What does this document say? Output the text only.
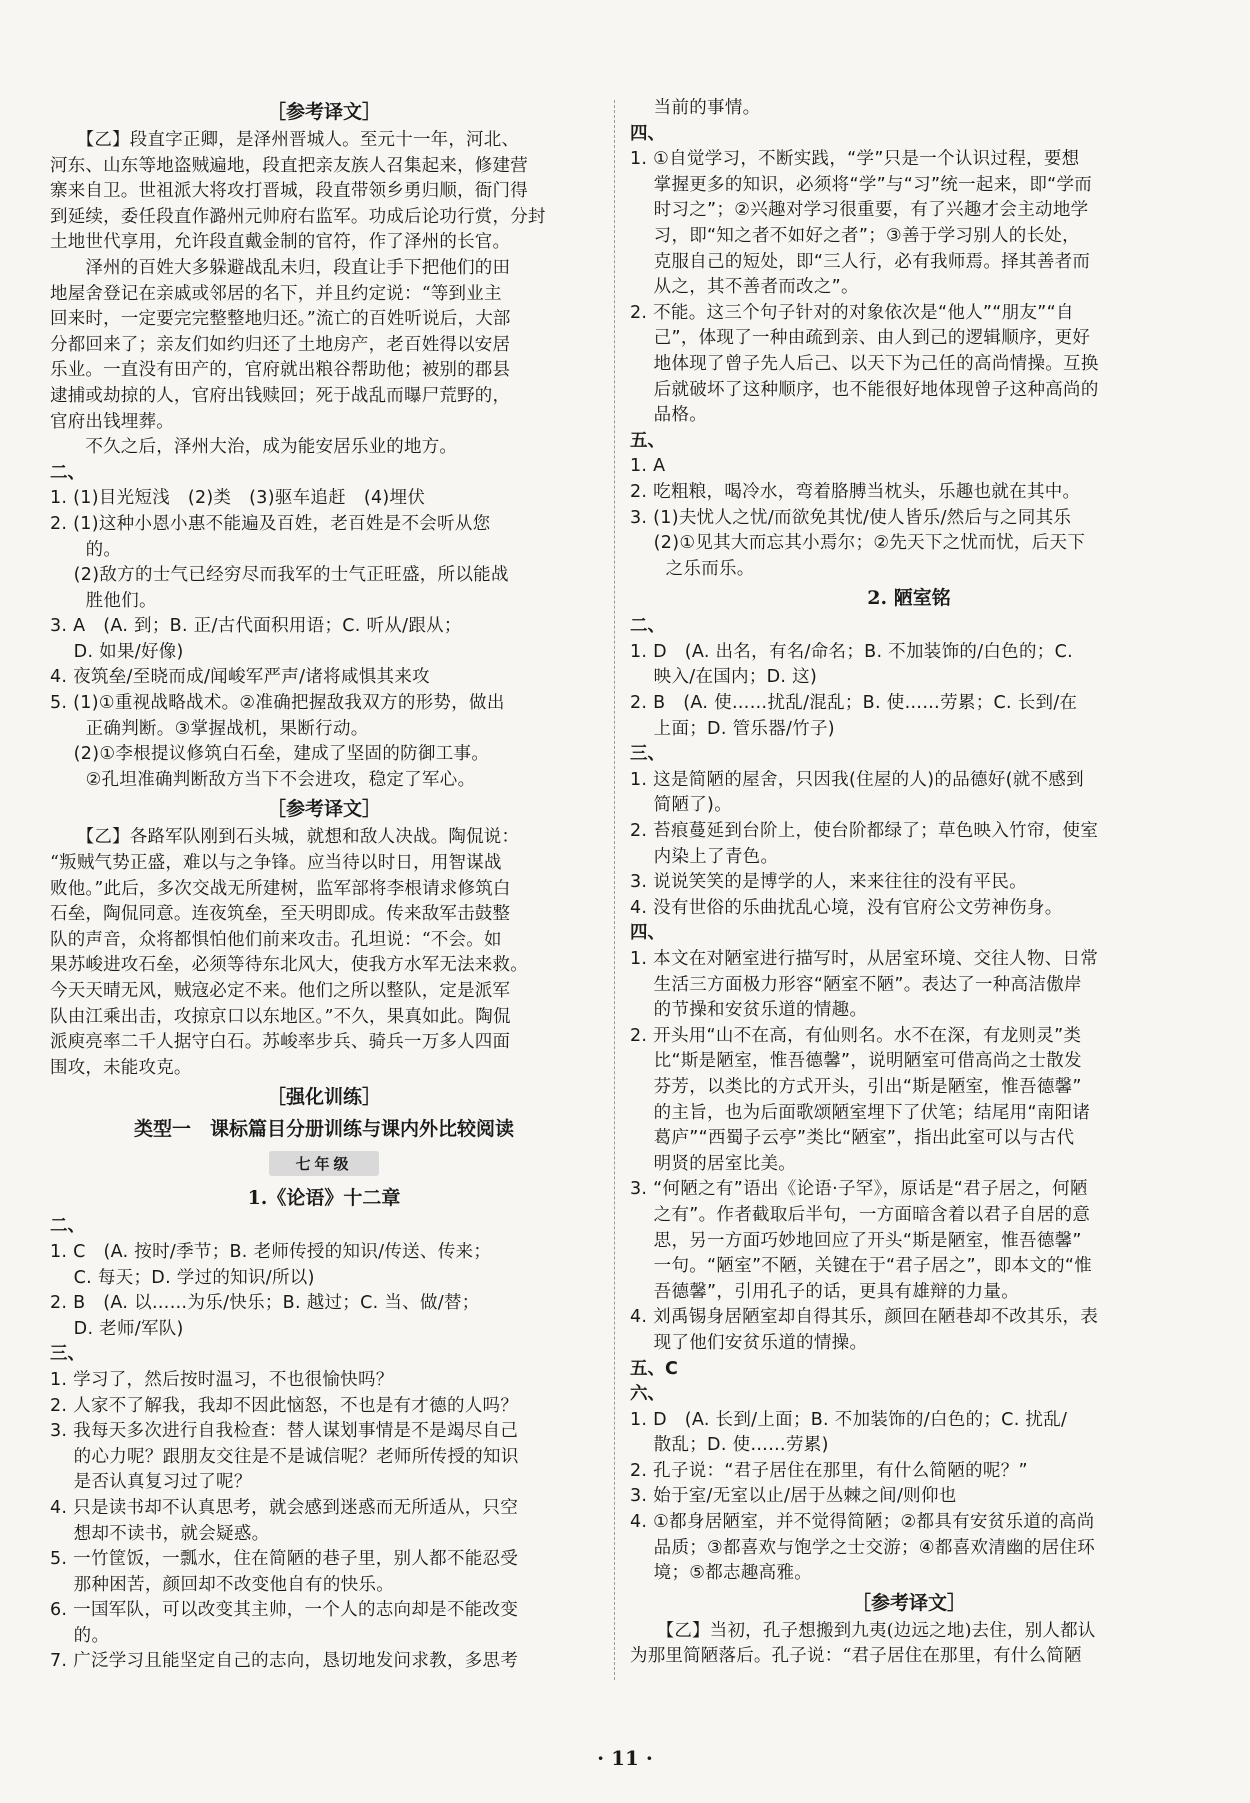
［参考译文］
　　【乙】段直字正卿，是泽州晋城人。至元十一年，河北、
河东、山东等地盗贼遍地，段直把亲友族人召集起来，修建营
寨来自卫。世祖派大将攻打晋城，段直带领乡勇归顺，衙门得
到延续，委任段直作潞州元帅府右监军。功成后论功行赏，分封
土地世代享用，允许段直戴金制的官符，作了泽州的长官。
　　泽州的百姓大多躲避战乱未归，段直让手下把他们的田
地屋舍登记在亲戚或邻居的名下，并且约定说：“等到业主
回来时，一定要完完整整地归还。”流亡的百姓听说后，大部
分都回来了；亲友们如约归还了土地房产，老百姓得以安居
乐业。一直没有田产的，官府就出粮谷帮助他；被别的郡县
逮捕或劫掠的人，官府出钱赎回；死于战乱而曝尸荒野的，
官府出钱埋葬。
　　不久之后，泽州大治，成为能安居乐业的地方。
二、
1. (1)目光短浅　(2)类　(3)驱车追赶　(4)埋伏
2. (1)这种小恩小惠不能遍及百姓，老百姓是不会听从您
　　的。
　 (2)敌方的士气已经穷尽而我军的士气正旺盛，所以能战
　　胜他们。
3. A　(A. 到；B. 正/古代面积用语；C. 听从/跟从；
　 D. 如果/好像)
4. 夜筑垒/至晓而成/闻峻军严声/诸将咸惧其来攻
5. (1)①重视战略战术。②准确把握敌我双方的形势，做出
　　正确判断。③掌握战机，果断行动。
　 (2)①李根提议修筑白石垒，建成了坚固的防御工事。
　　②孔坦准确判断敌方当下不会进攻，稳定了军心。
［参考译文］
　　【乙】各路军队刚到石头城，就想和敌人决战。陶侃说：
“叛贼气势正盛，难以与之争锋。应当待以时日，用智谋战
败他。”此后，多次交战无所建树，监军部将李根请求修筑白
石垒，陶侃同意。连夜筑垒，至天明即成。传来敌军击鼓整
队的声音，众将都惧怕他们前来攻击。孔坦说：“不会。如
果苏峻进攻石垒，必须等待东北风大，使我方水军无法来救。
今天天晴无风，贼寇必定不来。他们之所以整队，定是派军
队由江乘出击，攻掠京口以东地区。”不久，果真如此。陶侃
派庾亮率二千人据守白石。苏峻率步兵、骑兵一万多人四面
围攻，未能攻克。
［强化训练］
类型一　课标篇目分册训练与课内外比较阅读
七年级
1.《论语》十二章
二、
1. C　(A. 按时/季节；B. 老师传授的知识/传送、传来；
　 C. 每天；D. 学过的知识/所以)
2. B　(A. 以……为乐/快乐；B. 越过；C. 当、做/替；
　 D. 老师/军队)
三、
1. 学习了，然后按时温习，不也很愉快吗？
2. 人家不了解我，我却不因此恼怒，不也是有才德的人吗？
3. 我每天多次进行自我检查：替人谋划事情是不是竭尽自己
　 的心力呢？跟朋友交往是不是诚信呢？老师所传授的知识
　 是否认真复习过了呢？
4. 只是读书却不认真思考，就会感到迷惑而无所适从，只空
　 想却不读书，就会疑惑。
5. 一竹筐饭，一瓢水，住在简陋的巷子里，别人都不能忍受
　 那种困苦，颜回却不改变他自有的快乐。
6. 一国军队，可以改变其主帅，一个人的志向却是不能改变
　 的。
7. 广泛学习且能坚定自己的志向，恳切地发问求教，多思考
　 当前的事情。
四、
1. ①自觉学习，不断实践，“学”只是一个认识过程，要想
　 掌握更多的知识，必须将“学”与“习”统一起来，即“学而
　 时习之”；②兴趣对学习很重要，有了兴趣才会主动地学
　 习，即“知之者不如好之者”；③善于学习别人的长处，
　 克服自己的短处，即“三人行，必有我师焉。择其善者而
　 从之，其不善者而改之”。
2. 不能。这三个句子针对的对象依次是“他人”“朋友”“自
　 己”，体现了一种由疏到亲、由人到己的逻辑顺序，更好
　 地体现了曾子先人后己、以天下为己任的高尚情操。互换
　 后就破坏了这种顺序，也不能很好地体现曾子这种高尚的
　 品格。
五、
1. A
2. 吃粗粮，喝冷水，弯着胳膊当枕头，乐趣也就在其中。
3. (1)夫忧人之忧/而欲免其忧/使人皆乐/然后与之同其乐
　 (2)①见其大而忘其小焉尔；②先天下之忧而忧，后天下
　　之乐而乐。
2. 陋室铭
二、
1. D　(A. 出名，有名/命名；B. 不加装饰的/白色的；C.
　 映入/在国内；D. 这)
2. B　(A. 使……扰乱/混乱；B. 使……劳累；C. 长到/在
　 上面；D. 管乐器/竹子)
三、
1. 这是简陋的屋舍，只因我(住屋的人)的品德好(就不感到
　 简陋了)。
2. 苔痕蔓延到台阶上，使台阶都绿了；草色映入竹帘，使室
　 内染上了青色。
3. 说说笑笑的是博学的人，来来往往的没有平民。
4. 没有世俗的乐曲扰乱心境，没有官府公文劳神伤身。
四、
1. 本文在对陋室进行描写时，从居室环境、交往人物、日常
　 生活三方面极力形容“陋室不陋”。表达了一种高洁傲岸
　 的节操和安贫乐道的情趣。
2. 开头用“山不在高，有仙则名。水不在深，有龙则灵”类
　 比“斯是陋室，惟吾德馨”，说明陋室可借高尚之士散发
　 芬芳，以类比的方式开头，引出“斯是陋室，惟吾德馨”
　 的主旨，也为后面歌颂陋室埋下了伏笔；结尾用“南阳诸
　 葛庐”“西蜀子云亭”类比“陋室”，指出此室可以与古代
　 明贤的居室比美。
3. “何陋之有”语出《论语·子罕》，原话是“君子居之，何陋
　 之有”。作者截取后半句，一方面暗含着以君子自居的意
　 思，另一方面巧妙地回应了开头“斯是陋室，惟吾德馨”
　 一句。“陋室”不陋，关键在于“君子居之”，即本文的“惟
　 吾德馨”，引用孔子的话，更具有雄辩的力量。
4. 刘禹锡身居陋室却自得其乐，颜回在陋巷却不改其乐，表
　 现了他们安贫乐道的情操。
五、C
六、
1. D　(A. 长到/上面；B. 不加装饰的/白色的；C. 扰乱/
　 散乱；D. 使……劳累)
2. 孔子说：“君子居住在那里，有什么简陋的呢？”
3. 始于室/无室以止/居于丛棘之间/则仰也
4. ①都身居陋室，并不觉得简陋；②都具有安贫乐道的高尚
　 品质；③都喜欢与饱学之士交游；④都喜欢清幽的居住环
　 境；⑤都志趣高雅。
［参考译文］
　　【乙】当初，孔子想搬到九夷(边远之地)去住，别人都认
为那里简陋落后。孔子说：“君子居住在那里，有什么简陋
· 11 ·
